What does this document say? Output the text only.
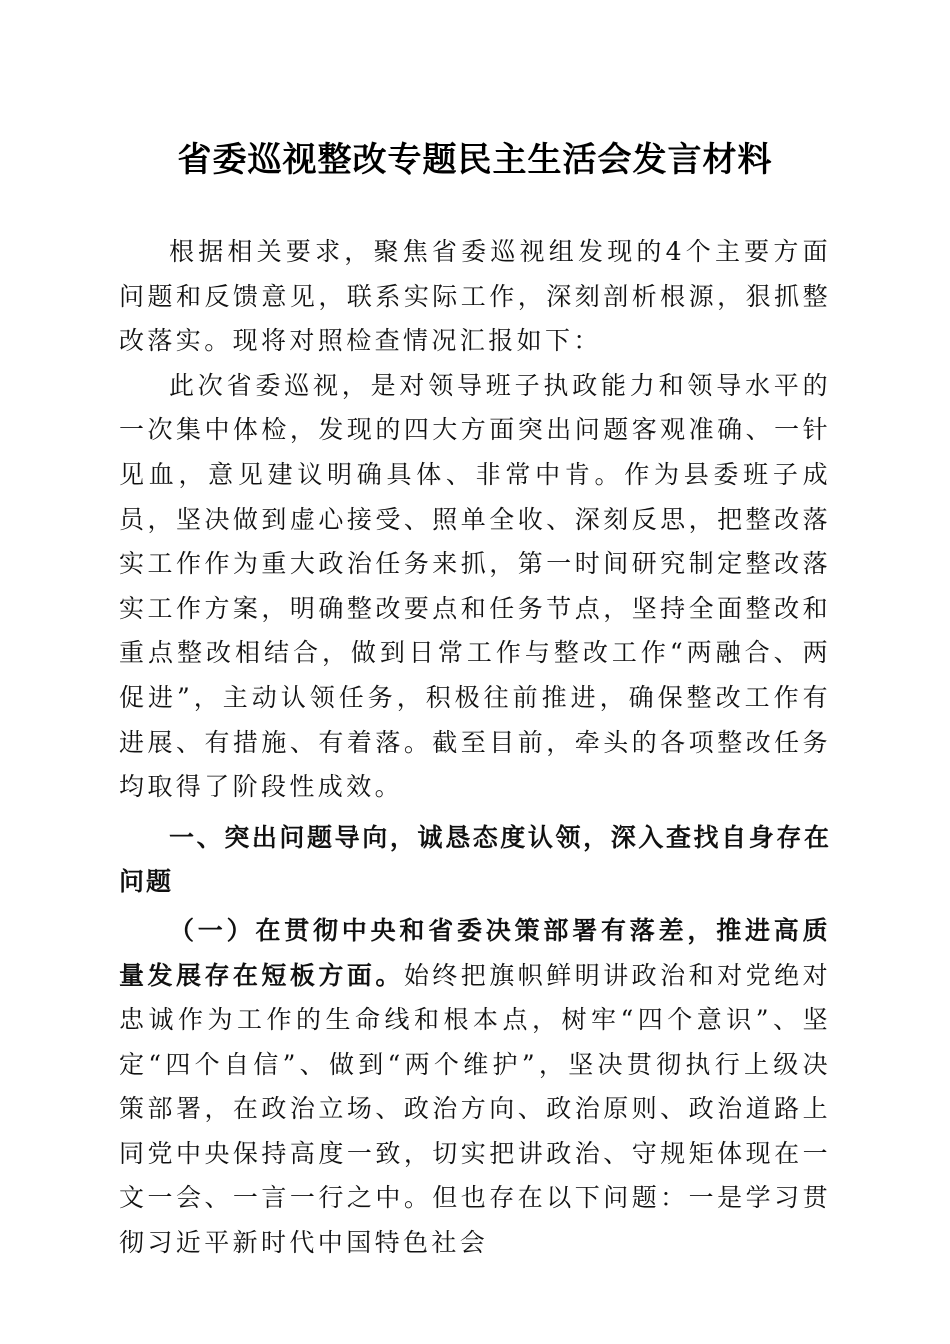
省委巡视整改专题民主生活会发言材料

根据相关要求，聚焦省委巡视组发现的4个主要方面问题和反馈意见，联系实际工作，深刻剖析根源，狠抓整改落实。现将对照检查情况汇报如下：

此次省委巡视，是对领导班子执政能力和领导水平的一次集中体检，发现的四大方面突出问题客观准确、一针见血，意见建议明确具体、非常中肯。作为县委班子成员，坚决做到虚心接受、照单全收、深刻反思，把整改落实工作作为重大政治任务来抓，第一时间研究制定整改落实工作方案，明确整改要点和任务节点，坚持全面整改和重点整改相结合，做到日常工作与整改工作“两融合、两促进”，主动认领任务，积极往前推进，确保整改工作有进展、有措施、有着落。截至目前，牵头的各项整改任务均取得了阶段性成效。

一、突出问题导向，诚恳态度认领，深入查找自身存在问题

（一）在贯彻中央和省委决策部署有落差，推进高质量发展存在短板方面。始终把旗帜鲜明讲政治和对党绝对忠诚作为工作的生命线和根本点，树牢“四个意识”、坚定“四个自信”、做到“两个维护”，坚决贯彻执行上级决策部署，在政治立场、政治方向、政治原则、政治道路上同党中央保持高度一致，切实把讲政治、守规矩体现在一文一会、一言一行之中。但也存在以下问题：一是学习贯彻习近平新时代中国特色社会
